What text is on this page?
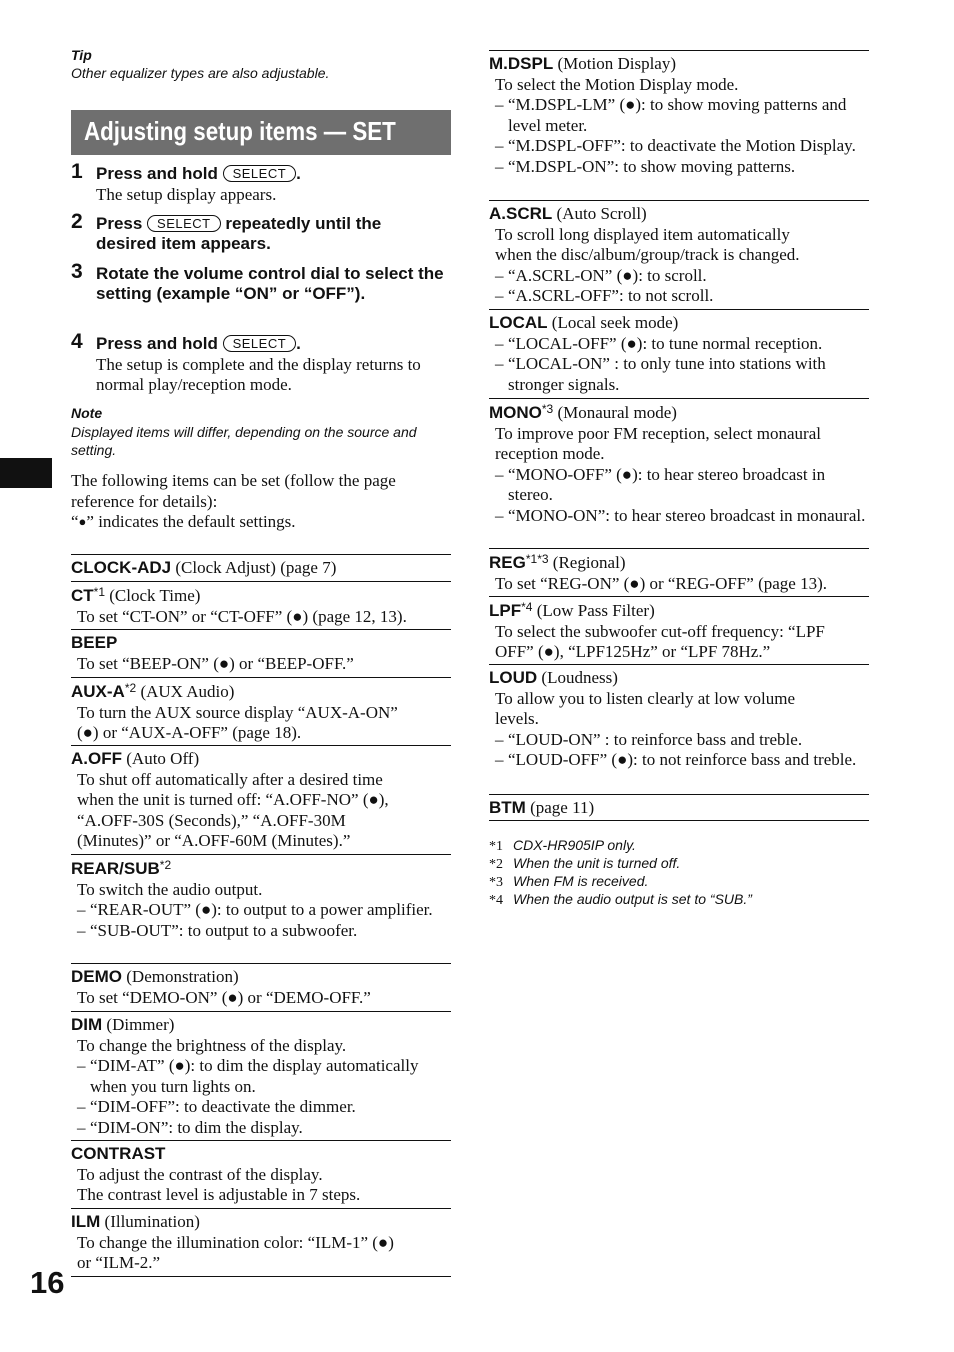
Tip
Other equalizer types are also adjustable.
Adjusting setup items — SET
1 Press and hold SELECT .
The setup display appears.
2 Press SELECT repeatedly until the desired item appears.
3 Rotate the volume control dial to select the setting (example “ON” or “OFF”).
4 Press and hold SELECT .
The setup is complete and the display returns to normal play/reception mode.
Note
Displayed items will differ, depending on the source and setting.
The following items can be set (follow the page reference for details):
“●” indicates the default settings.
CLOCK-ADJ (Clock Adjust) (page 7)
CT$^{*1}$ (Clock Time)
To set “CT-ON” or “CT-OFF” (●) (page 12, 13).
BEEP
To set “BEEP-ON” (●) or “BEEP-OFF.”
AUX-$A^{*2}$ (AUX Audio)
To turn the AUX source display “AUX-A-ON”
(●) or “AUX-A-OFF” (page 18).
A.OFF (Auto Off)
To shut off automatically after a desired time
when the unit is turned off: “A.OFF-NO” (●),
“A.OFF-30S (Seconds),” “A.OFF-30M
(Minutes)” or “A.OFF-60M (Minutes).”
REAR/SUB$^{*2}$
To switch the audio output.
– “REAR-OUT” (●): to output to a power amplifier.
– “SUB-OUT”: to output to a subwoofer.
DEMO (Demonstration)
To set “DEMO-ON” (●) or “DEMO-OFF.”
DIM (Dimmer)
To change the brightness of the display.
– “DIM-AT” (●): to dim the display automatically when you turn lights on.
– “DIM-OFF”: to deactivate the dimmer.
– “DIM-ON”: to dim the display.
CONTRAST
To adjust the contrast of the display.
The contrast level is adjustable in 7 steps.
ILM (Illumination)
To change the illumination color: “ILM-1” (●)
or “ILM-2.”
M.DSPL (Motion Display)
To select the Motion Display mode.
– “M.DSPL-LM” (●): to show moving patterns and level meter.
– “M.DSPL-OFF”: to deactivate the Motion Display.
– “M.DSPL-ON”: to show moving patterns.
A.SCRL (Auto Scroll)
To scroll long displayed item automatically
when the disc/album/group/track is changed.
– “A.SCRL-ON” (●): to scroll.
– “A.SCRL-OFF”: to not scroll.
LOCAL (Local seek mode)
– “LOCAL-OFF” (●): to tune normal reception.
– “LOCAL-ON” : to only tune into stations with stronger signals.
MONO$^{*3}$ (Monaural mode)
To improve poor FM reception, select monaural
reception mode.
– “MONO-OFF” (●): to hear stereo broadcast in stereo.
– “MONO-ON”: to hear stereo broadcast in monaural.
$REG^{*1*3}$ (Regional)
To set “REG-ON” (●) or “REG-OFF” (page 13).
LPF$^{*4}$ (Low Pass Filter)
To select the subwoofer cut-off frequency: “LPF
OFF” (●), “LPF125Hz” or “LPF 78Hz.”
LOUD (Loudness)
To allow you to listen clearly at low volume
levels.
– “LOUD-ON” : to reinforce bass and treble.
– “LOUD-OFF” (●): to not reinforce bass and treble.
BTM (page 11)
*1 CDX-HR905IP only.
*2 When the unit is turned off.
*3 When FM is received.
*4 When the audio output is set to “SUB.”
16
